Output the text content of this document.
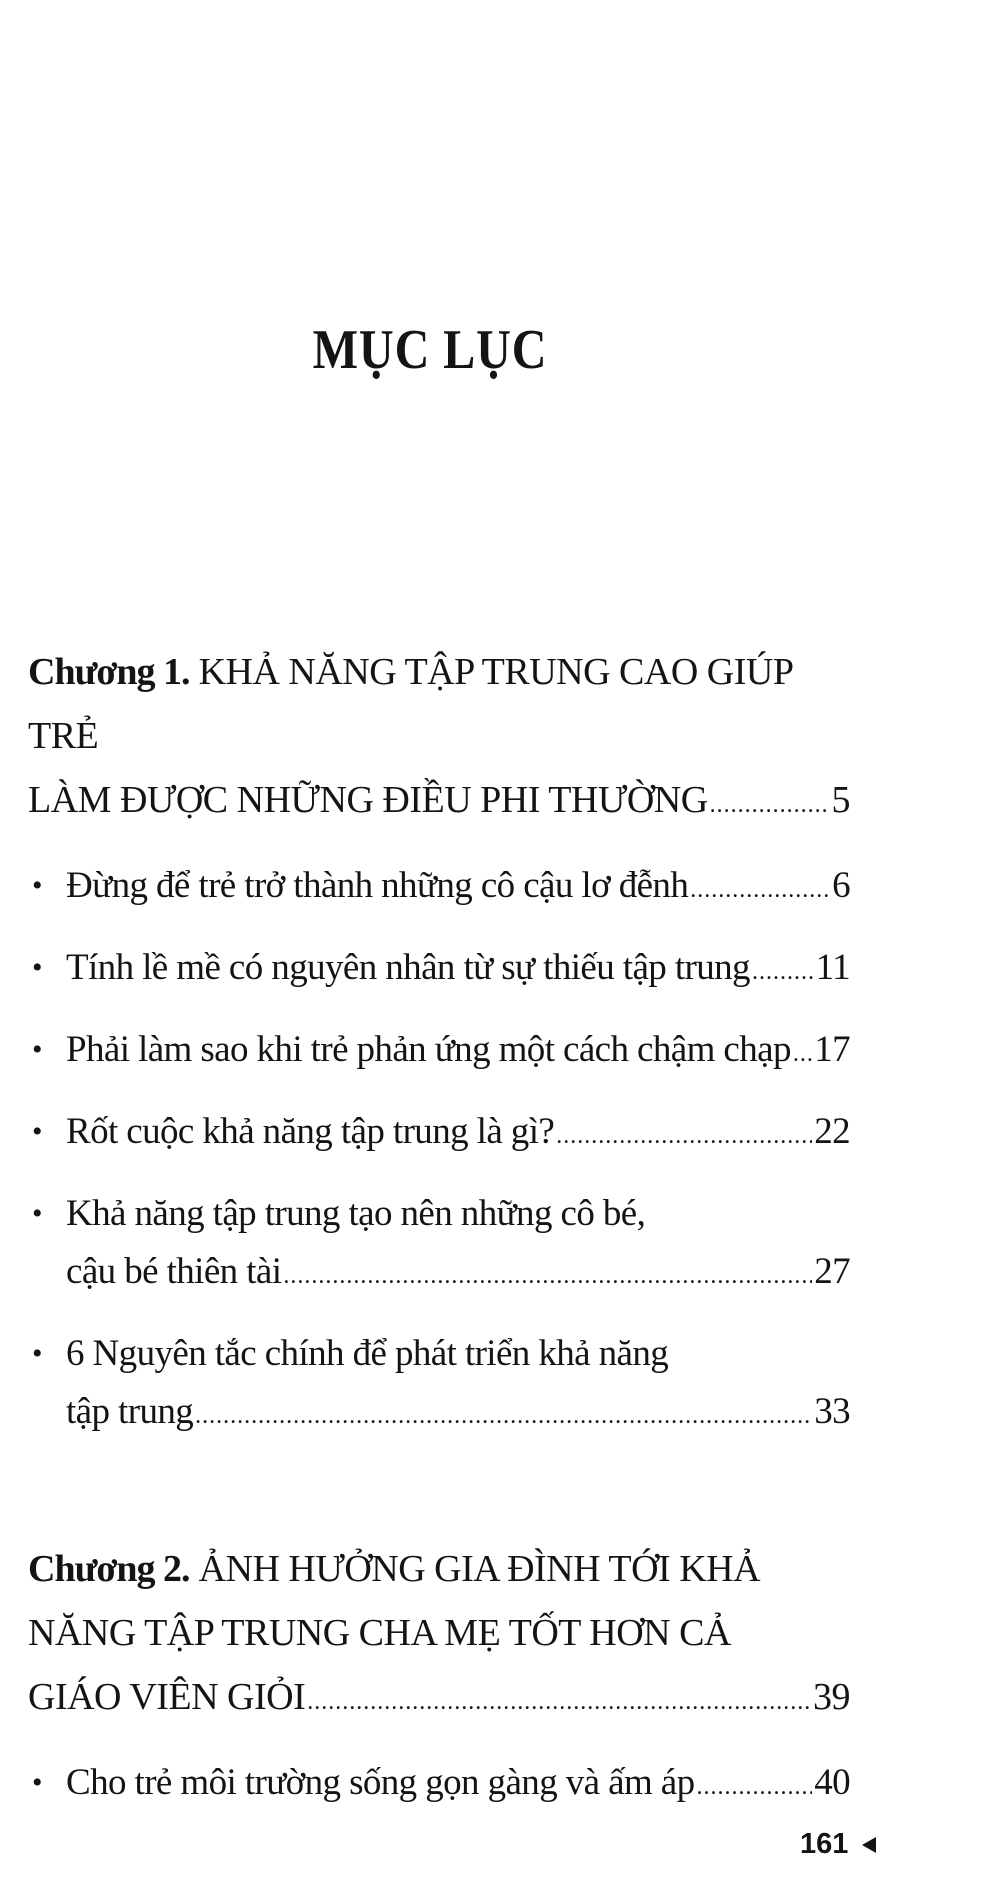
MỤC LỤC
Chương 1. KHẢ NĂNG TẬP TRUNG CAO GIÚP TRẺ
LÀM ĐƯỢC NHỮNG ĐIỀU PHI THƯỜNG .....	5
• Đừng để trẻ trở thành những cô cậu lơ đễnh .....	6
• Tính lề mề có nguyên nhân từ sự thiếu tập trung ..... 11
• Phải làm sao khi trẻ phản ứng một cách chậm chạp ..... 17
• Rốt cuộc khả năng tập trung là gì? .....	22
• Khả năng tập trung tạo nên những cô bé,
cậu bé thiên tài .....	27
• 6 Nguyên tắc chính để phát triển khả năng
tập trung .....	33
Chương 2. ẢNH HƯỞNG GIA ĐÌNH TỚI KHẢ
NĂNG TẬP TRUNG CHA MẸ TỐT HƠN CẢ
GIÁO VIÊN GIỎI .....	39
• Cho trẻ môi trường sống gọn gàng và ấm áp .....	40
161
